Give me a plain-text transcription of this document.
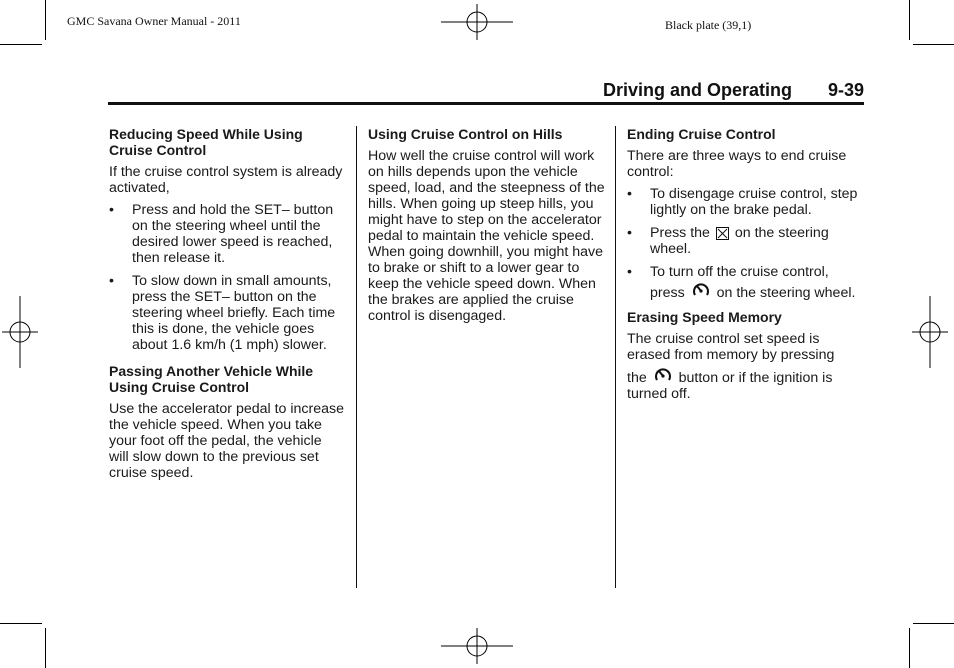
GMC Savana Owner Manual - 2011	Black plate (39,1)
Driving and Operating 9-39
Reducing Speed While Using Cruise Control

If the cruise control system is already activated,

• Press and hold the SET– button on the steering wheel until the desired lower speed is reached, then release it.
• To slow down in small amounts, press the SET– button on the steering wheel briefly. Each time this is done, the vehicle goes about 1.6 km/h (1 mph) slower.
Passing Another Vehicle While Using Cruise Control

Use the accelerator pedal to increase the vehicle speed. When you take your foot off the pedal, the vehicle will slow down to the previous set cruise speed.

Using Cruise Control on Hills

How well the cruise control will work on hills depends upon the vehicle speed, load, and the steepness of the hills. When going up steep hills, you might have to step on the accelerator pedal to maintain the vehicle speed. When going downhill, you might have to brake or shift to a lower gear to keep the vehicle speed down. When the brakes are applied the cruise control is disengaged.

Ending Cruise Control

There are three ways to end cruise control:

• To disengage cruise control, step lightly on the brake pedal.
• Press the on the steering wheel.
• To turn off the cruise control, press on the steering wheel.
Erasing Speed Memory

The cruise control set speed is erased from memory by pressing

the button or if the ignition is turned off.
